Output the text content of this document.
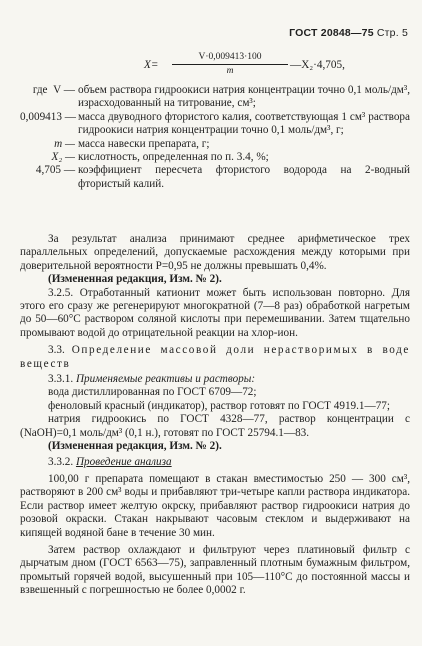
ГОСТ 20848—75 Стр. 5
X=
V·0,009413·100
m	—X₂·4,705,
где V — объем раствора гидроокиси натрия концентрации точно 0,1 моль/дм³, израсходованный на титрование, см³;
0,009413 — масса двуводного фтористого калия, соответствующая 1 см³ раствора гидроокиси натрия концентрации точно 0,1 моль/дм³, г;
m — масса навески препарата, г;
X₂ — кислотность, определенная по п. 3.4, %;
4,705 — коэффициент пересчета фтористого водорода на 2-водный фтористый калий.

За результат анализа принимают среднее арифметическое трех параллельных определений, допускаемые расхождения между которыми при доверительной вероятности P=0,95 не должны превышать 0,4%.

(Измененная редакция, Изм. № 2).

3.2.5. Отработанный катионит может быть использован повторно. Для этого его сразу же регенерируют многократной (7—8 раз) обработкой нагретым до 50—60°С раствором соляной кислоты при перемешивании. Затем тщательно промывают водой до отрицательной реакции на хлор-ион.

3.3. Определение массовой доли нерастворимых в воде веществ

3.3.1. Применяемые реактивы и растворы:

вода дистиллированная по ГОСТ 6709—72;

феноловый красный (индикатор), раствор готовят по ГОСТ 4919.1—77;

натрия гидроокись по ГОСТ 4328—77, раствор концентрации с (NaOH)=0,1 моль/дм³ (0,1 н.), готовят по ГОСТ 25794.1—83.

(Измененная редакция, Изм. № 2).

3.3.2. Проведение анализа

100,00 г препарата помещают в стакан вместимостью 250 — 300 см³, растворяют в 200 см³ воды и прибавляют три-четыре капли раствора индикатора. Если раствор имеет желтую окрску, прибавляют раствор гидроокиси натрия до розовой окраски. Стакан накрывают часовым стеклом и выдерживают на кипящей водяной бане в течение 30 мин.

Затем раствор охлаждают и фильтруют через платиновый фильтр с дырчатым дном (ГОСТ 6563—75), заправленный плотным бумажным фильтром, промытый горячей водой, высушенный при 105—110°С до постоянной массы и взвешенный с погрешностью не более 0,0002 г.
